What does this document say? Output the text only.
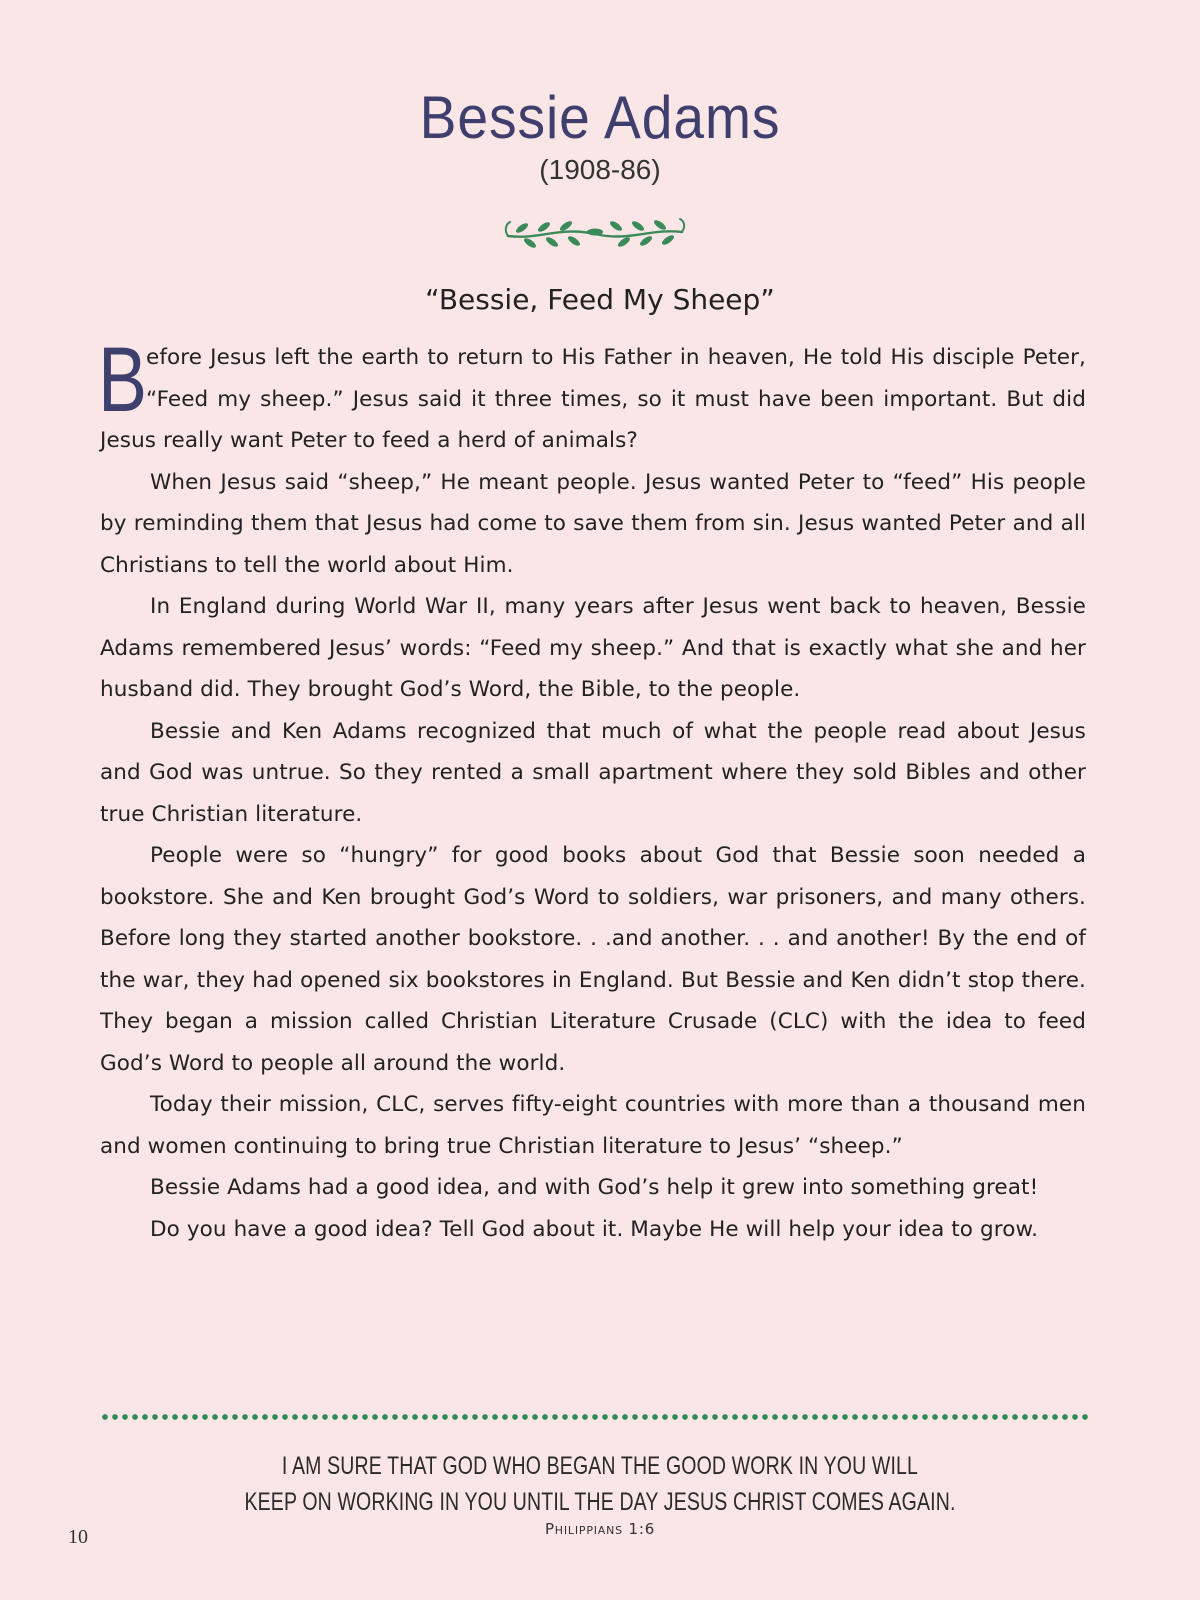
Bessie Adams
(1908-86)
“Bessie, Feed My Sheep”

B
efore Jesus left the earth to return to His Father in heaven, He told His disciple Peter, “Feed my sheep.” Jesus said it three times, so it must have been important. But did Jesus really want Peter to feed a herd of animals?

When Jesus said “sheep,” He meant people. Jesus wanted Peter to “feed” His people by reminding them that Jesus had come to save them from sin. Jesus wanted Peter and all Christians to tell the world about Him.

In England during World War II, many years after Jesus went back to heaven, Bessie Adams remembered Jesus’ words: “Feed my sheep.” And that is exactly what she and her husband did. They brought God’s Word, the Bible, to the people.

Bessie and Ken Adams recognized that much of what the people read about Jesus and God was untrue. So they rented a small apartment where they sold Bibles and other true Christian literature.

People were so “hungry” for good books about God that Bessie soon needed a bookstore. She and Ken brought God’s Word to soldiers, war prisoners, and many others. Before long they started another bookstore. . .and another. . . and another! By the end of the war, they had opened six bookstores in England. But Bessie and Ken didn’t stop there. They began a mission called Christian Literature Crusade (CLC) with the idea to feed God’s Word to people all around the world.

Today their mission, CLC, serves fifty-eight countries with more than a thousand men and women continuing to bring true Christian literature to Jesus’ “sheep.”

Bessie Adams had a good idea, and with God’s help it grew into something great!

Do you have a good idea? Tell God about it. Maybe He will help your idea to grow.

I AM SURE THAT GOD WHO BEGAN THE GOOD WORK IN YOU WILL
KEEP ON WORKING IN YOU UNTIL THE DAY JESUS CHRIST COMES AGAIN.
Philippians 1:6
10
